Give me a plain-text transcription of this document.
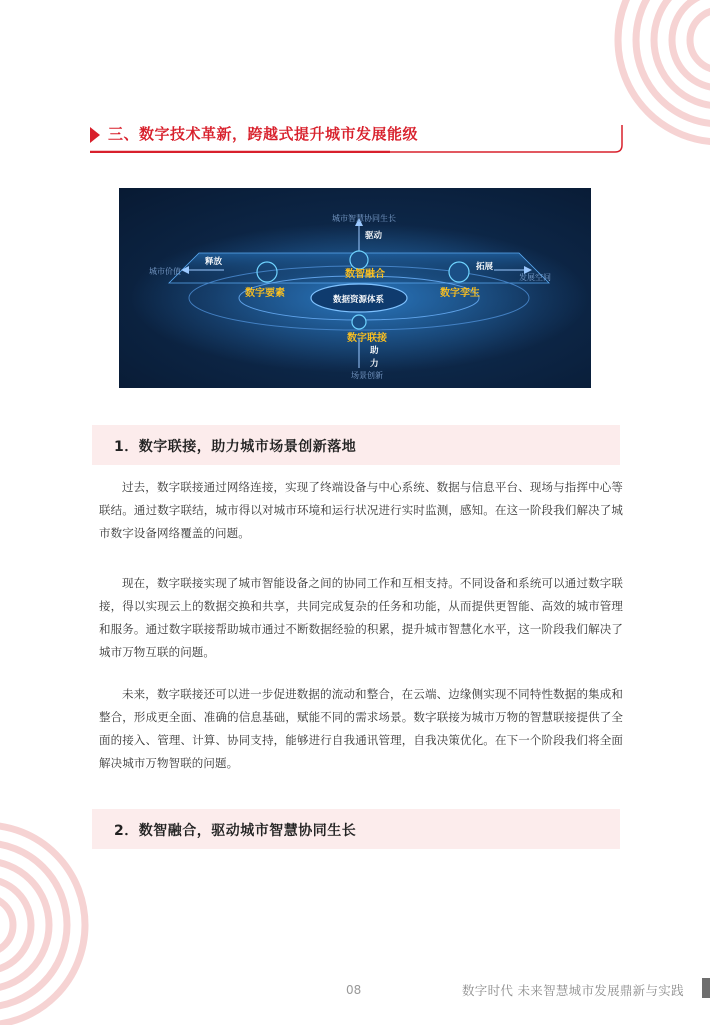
三、数字技术革新，跨越式提升城市发展能级
城市智慧协同生长
驱动
数智融合
数据资源体系
数字要素
释放
城市价值
数字孪生
拓展
发展空间
数字联接
助
力
场景创新
1．数字联接，助力城市场景创新落地

过去，数字联接通过网络连接，实现了终端设备与中心系统、数据与信息平台、现场与指挥中心等联结。通过数字联结，城市得以对城市环境和运行状况进行实时监测，感知。在这一阶段我们解决了城市数字设备网络覆盖的问题。

现在，数字联接实现了城市智能设备之间的协同工作和互相支持。不同设备和系统可以通过数字联接，得以实现云上的数据交换和共享，共同完成复杂的任务和功能，从而提供更智能、高效的城市管理和服务。通过数字联接帮助城市通过不断数据经验的积累，提升城市智慧化水平，这一阶段我们解决了城市万物互联的问题。

未来，数字联接还可以进一步促进数据的流动和整合，在云端、边缘侧实现不同特性数据的集成和整合，形成更全面、准确的信息基础，赋能不同的需求场景。数字联接为城市万物的智慧联接提供了全面的接入、管理、计算、协同支持，能够进行自我通讯管理，自我决策优化。在下一个阶段我们将全面解决城市万物智联的问题。

2．数智融合，驱动城市智慧协同生长
08	数字时代 未来智慧城市发展鼎新与实践
